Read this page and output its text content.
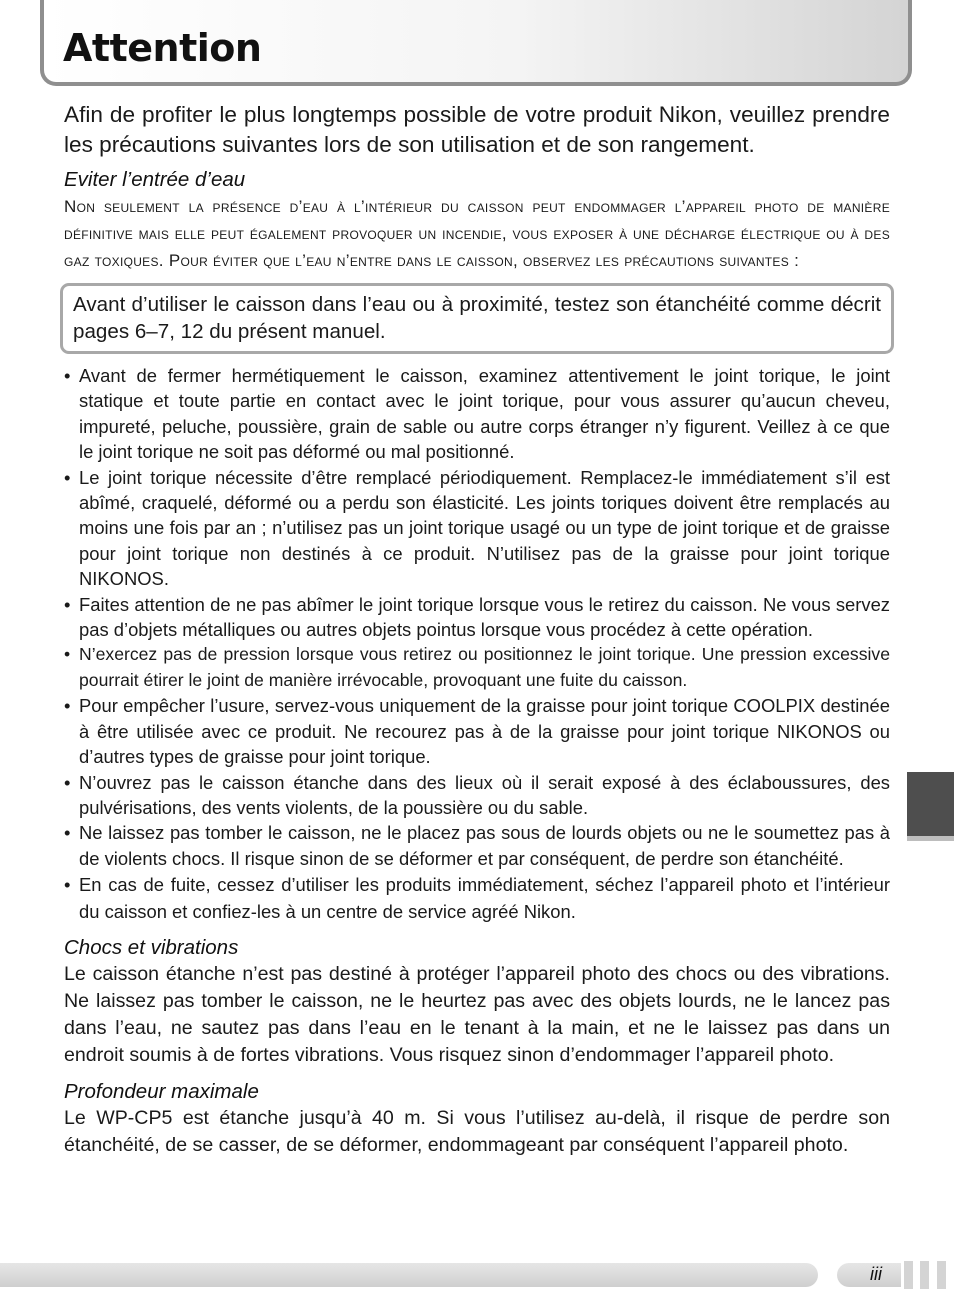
Attention

Afin de profiter le plus longtemps possible de votre produit Nikon, veuillez prendre les précautions suivantes lors de son utilisation et de son rangement.

Eviter l’entrée d’eau

Non seulement la présence d’eau à l’intérieur du caisson peut endommager l’appareil photo de manière définitive mais elle peut également provoquer un incendie, vous exposer à une décharge électrique ou à des gaz toxiques. Pour éviter que l’eau n’entre dans le caisson, observez les précautions suivantes :

Avant d’utiliser le caisson dans l’eau ou à proximité, testez son étanchéité comme décrit pages 6–7, 12 du présent manuel.
• Avant de fermer hermétiquement le caisson, examinez attentivement le joint torique, le joint statique et toute partie en contact avec le joint torique, pour vous assurer qu’aucun cheveu, impureté, peluche, poussière, grain de sable ou autre corps étranger n’y figurent. Veillez à ce que le joint torique ne soit pas déformé ou mal positionné.
• Le joint torique nécessite d’être remplacé périodiquement. Remplacez-le immédiatement s’il est abîmé, craquelé, déformé ou a perdu son élasticité. Les joints toriques doivent être remplacés au moins une fois par an ; n’utilisez pas un joint torique usagé ou un type de joint torique et de graisse pour joint torique non destinés à ce produit. N’utilisez pas de la graisse pour joint torique NIKONOS.
• Faites attention de ne pas abîmer le joint torique lorsque vous le retirez du caisson. Ne vous servez pas d’objets métalliques ou autres objets pointus lorsque vous procédez à cette opération.
• N’exercez pas de pression lorsque vous retirez ou positionnez le joint torique. Une pression excessive pourrait étirer le joint de manière irrévocable, provoquant une fuite du caisson.
• Pour empêcher l’usure, servez-vous uniquement de la graisse pour joint torique COOLPIX destinée à être utilisée avec ce produit. Ne recourez pas à de la graisse pour joint torique NIKONOS ou d’autres types de graisse pour joint torique.
• N’ouvrez pas le caisson étanche dans des lieux où il serait exposé à des éclaboussures, des pulvérisations, des vents violents, de la poussière ou du sable.
• Ne laissez pas tomber le caisson, ne le placez pas sous de lourds objets ou ne le soumettez pas à de violents chocs. Il risque sinon de se déformer et par conséquent, de perdre son étanchéité.
• En cas de fuite, cessez d’utiliser les produits immédiatement, séchez l’appareil photo et l’intérieur du caisson et confiez-les à un centre de service agréé Nikon.
Chocs et vibrations

Le caisson étanche n’est pas destiné à protéger l’appareil photo des chocs ou des vibrations. Ne laissez pas tomber le caisson, ne le heurtez pas avec des objets lourds, ne le lancez pas dans l’eau, ne sautez pas dans l’eau en le tenant à la main, et ne le laissez pas dans un endroit soumis à de fortes vibrations. Vous risquez sinon d’endommager l’appareil photo.

Profondeur maximale

Le WP-CP5 est étanche jusqu’à 40 m. Si vous l’utilisez au-delà, il risque de perdre son étanchéité, de se casser, de se déformer, endommageant par conséquent l’appareil photo.

iii
